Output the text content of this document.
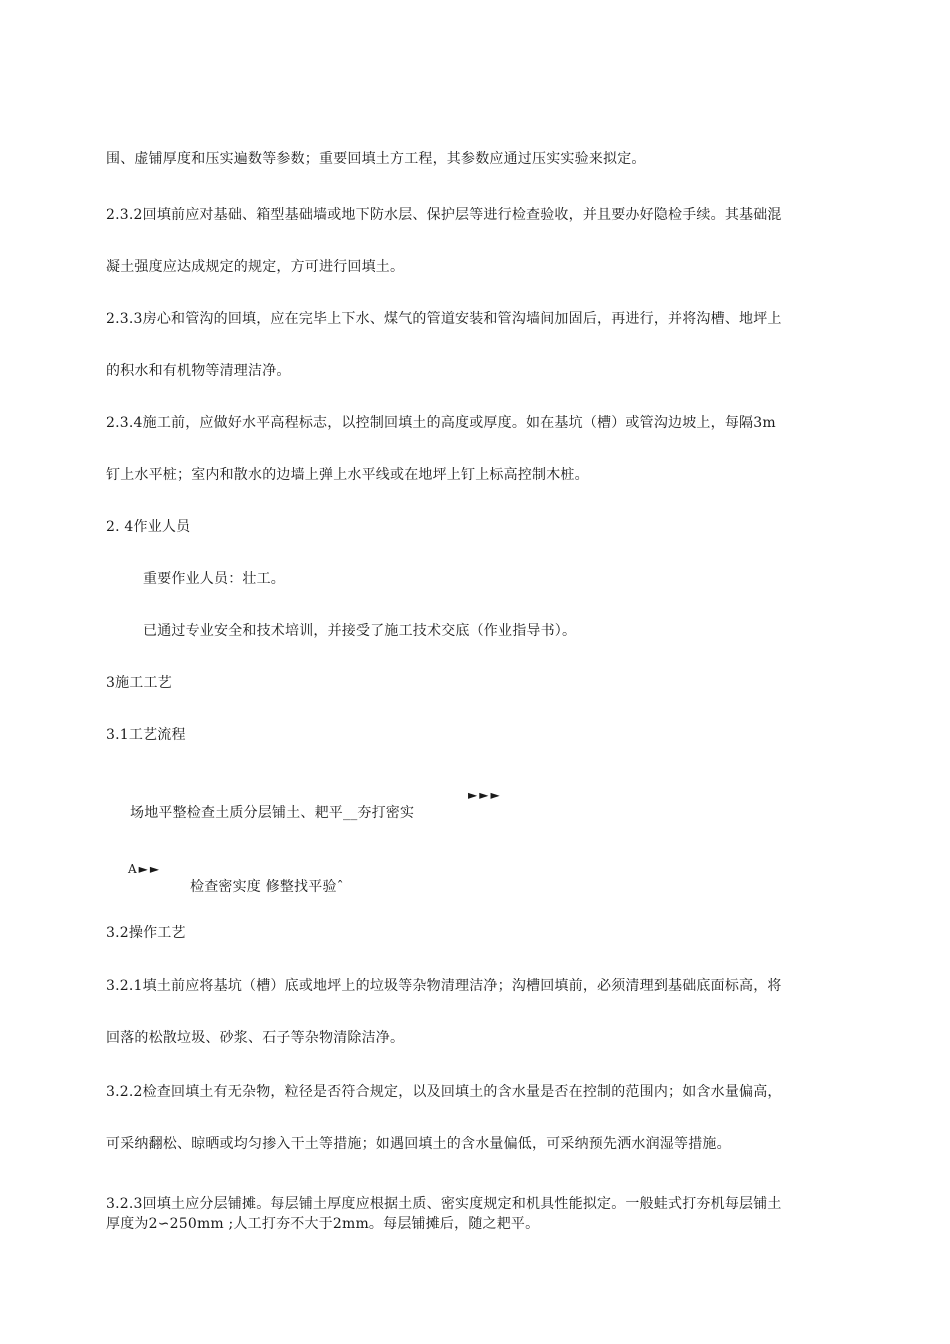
围、虚铺厚度和压实遍数等参数；重要回填土方工程，其参数应通过压实实验来拟定。
2.3.2回填前应对基础、箱型基础墙或地下防水层、保护层等进行检查验收，并且要办好隐检手续。其基础混
凝土强度应达成规定的规定，方可进行回填土。
2.3.3房心和管沟的回填，应在完毕上下水、煤气的管道安装和管沟墙间加固后，再进行，并将沟槽、地坪上
的积水和有机物等清理洁净。
2.3.4施工前，应做好水平高程标志，以控制回填土的高度或厚度。如在基坑（槽）或管沟边坡上，每隔3m
钉上水平桩；室内和散水的边墙上弹上水平线或在地坪上钉上标高控制木桩。
2. 4作业人员
重要作业人员：壮工。
已通过专业安全和技术培训，并接受了施工技术交底（作业指导书）。
3施工工艺
3.1工艺流程
►►►
场地平整检查土质分层铺土、耙平__夯打密实
A►►
检查密实度 修整找平验ˆ
3.2操作工艺
3.2.1填土前应将基坑（槽）底或地坪上的垃圾等杂物清理洁净；沟槽回填前，必须清理到基础底面标高，将
回落的松散垃圾、砂浆、石子等杂物清除洁净。
3.2.2检查回填土有无杂物，粒径是否符合规定，以及回填土的含水量是否在控制的范围内；如含水量偏高，
可采纳翻松、晾晒或均匀掺入干土等措施；如遇回填土的含水量偏低，可采纳预先洒水润湿等措施。
3.2.3回填土应分层铺摊。每层铺土厚度应根据土质、密实度规定和机具性能拟定。一般蛙式打夯机每层铺土
厚度为2∽250mm ;人工打夯不大于2mm。每层铺摊后，随之耙平。
